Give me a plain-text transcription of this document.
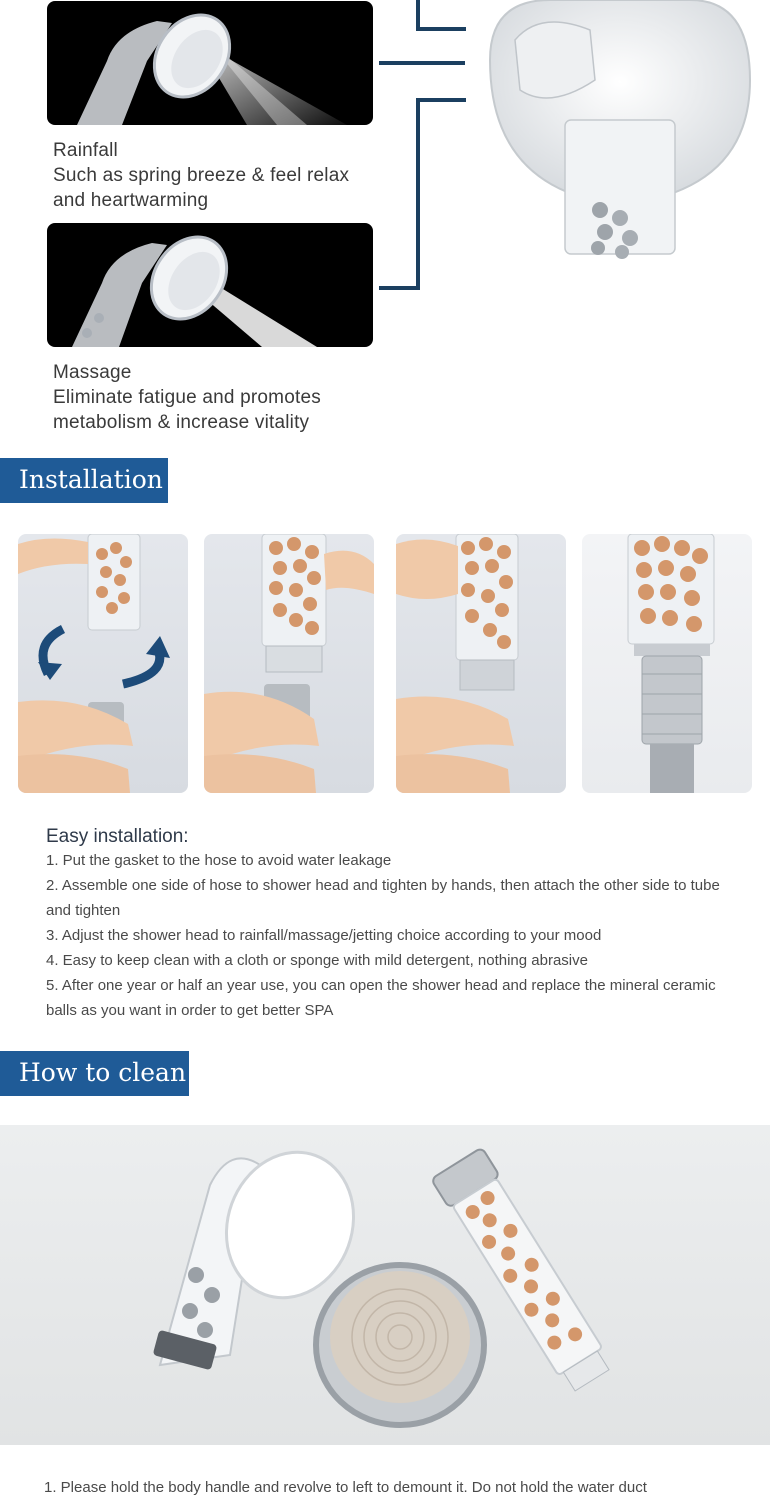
Rainfall
Such as spring breeze & feel relax
and heartwarming
Massage
Eliminate fatigue and promotes
metabolism & increase vitality
Installation
Easy installation:
1. Put the gasket to the hose to avoid water leakage
2. Assemble one side of hose to shower head and tighten by hands, then attach the other side to tube and tighten
3. Adjust the shower head to rainfall/massage/jetting choice according to your mood
4. Easy to keep clean with a cloth or sponge with mild detergent, nothing abrasive
5. After one year or half an year use, you can open the shower head and replace the mineral ceramic balls as you want in order to get better SPA
How to clean
1. Please hold the body handle and revolve to left to demount it. Do not hold the water duct
